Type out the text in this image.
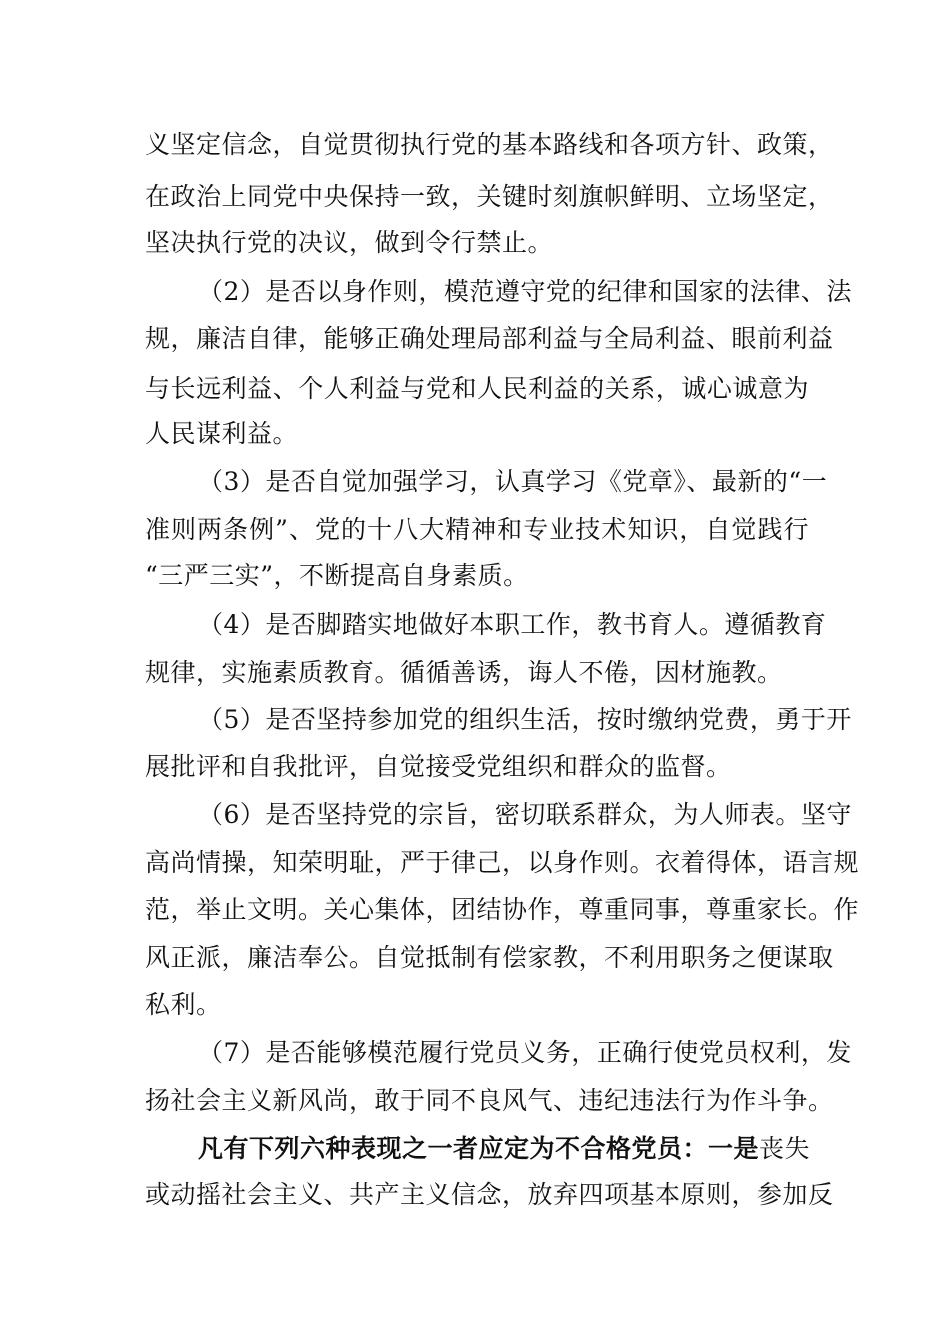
义坚定信念，自觉贯彻执行党的基本路线和各项方针、政策，
在政治上同党中央保持一致，关键时刻旗帜鲜明、立场坚定，
坚决执行党的决议，做到令行禁止。
（2）是否以身作则，模范遵守党的纪律和国家的法律、法
规，廉洁自律，能够正确处理局部利益与全局利益、眼前利益
与长远利益、个人利益与党和人民利益的关系，诚心诚意为
人民谋利益。
（3）是否自觉加强学习，认真学习《党章》、最新的“一
准则两条例”、党的十八大精神和专业技术知识，自觉践行
“三严三实”，不断提高自身素质。
（4）是否脚踏实地做好本职工作，教书育人。遵循教育
规律，实施素质教育。循循善诱，诲人不倦，因材施教。
（5）是否坚持参加党的组织生活，按时缴纳党费，勇于开
展批评和自我批评，自觉接受党组织和群众的监督。
（6）是否坚持党的宗旨，密切联系群众，为人师表。坚守
高尚情操，知荣明耻，严于律己，以身作则。衣着得体，语言规
范，举止文明。关心集体，团结协作，尊重同事，尊重家长。作
风正派，廉洁奉公。自觉抵制有偿家教，不利用职务之便谋取
私利。
（7）是否能够模范履行党员义务，正确行使党员权利，发
扬社会主义新风尚，敢于同不良风气、违纪违法行为作斗争。
凡有下列六种表现之一者应定为不合格党员：一是丧失
或动摇社会主义、共产主义信念，放弃四项基本原则，参加反
